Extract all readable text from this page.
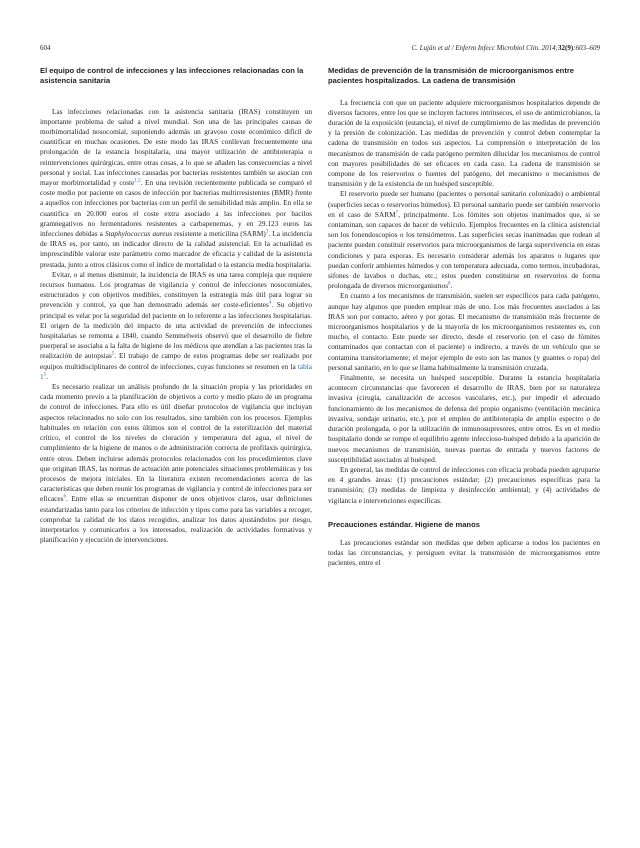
604	C. Luján et al / Enferm Infecc Microbiol Clin. 2014;32(9):603–609
El equipo de control de infecciones y las infecciones relacionadas con la asistencia sanitaria

Las infecciones relacionadas con la asistencia sanitaria (IRAS) constituyen un importante problema de salud a nivel mundial. Son una de las principales causas de morbimortalidad nosocomial, suponiendo además un gravoso coste económico difícil de cuantificar en muchas ocasiones. De este modo las IRAS conllevan frecuentemente una prolongación de la estancia hospitalaria, una mayor utilización de antibioterapia o reintervenciones quirúrgicas, entre otras cosas, a lo que se añaden las consecuencias a nivel personal y social. Las infecciones causadas por bacterias resistentes también se asocian con mayor morbimortalidad y coste$^{1,2}$. En una revisión recientemente publicada se comparó el coste medio por paciente en casos de infección por bacterias multirresistentes (BMR) frente a aquellos con infecciones por bacterias con un perfil de sensibilidad más amplio. En ella se cuantifica en 20.000 euros el coste extra asociado a las infecciones por bacilos gramnegativos no fermentadores resistentes a carbapenemas, y en 29.123 euros las infecciones debidas a Staphylococcus aureus resistente a meticilina (SARM)$^3$. La incidencia de IRAS es, por tanto, un indicador directo de la calidad asistencial. En la actualidad es imprescindible valorar este parámetro como marcador de eficacia y calidad de la asistencia prestada, junto a otros clásicos como el índice de mortalidad o la estancia media hospitalaria.

Evitar, o al menos disminuir, la incidencia de IRAS es una tarea compleja que requiere recursos humanos. Los programas de vigilancia y control de infecciones nosocomiales, estructurados y con objetivos medibles, constituyen la estrategia más útil para lograr su prevención y control, ya que han demostrado además ser coste-eficientes$^4$. Su objetivo principal es velar por la seguridad del paciente en lo referente a las infecciones hospitalarias. El origen de la medición del impacto de una actividad de prevención de infecciones hospitalarias se remonta a 1840, cuando Semmelweis observó que el desarrollo de fiebre puerperal se asociaba a la falta de higiene de los médicos que atendían a las pacientes tras la realización de autopsias$^5$. El trabajo de campo de estos programas debe ser realizado por equipos multidisciplinares de control de infecciones, cuyas funciones se resumen en la tabla $1^5$.

Es necesario realizar un análisis profundo de la situación propia y las prioridades en cada momento previo a la planificación de objetivos a corto y medio plazo de un programa de control de infecciones. Para ello es útil diseñar protocolos de vigilancia que incluyan aspectos relacionados no solo con los resultados, sino también con los procesos. Ejemplos habituales en relación con estos últimos son el control de la esterilización del material crítico, el control de los niveles de cloración y temperatura del agua, el nivel de cumplimiento de la higiene de manos o de administración correcta de profilaxis quirúrgica, entre otros. Deben incluirse además protocolos relacionados con los procedimientos clave que originan IRAS, las normas de actuación ante potenciales situaciones problemáticas y los procesos de mejora iniciales. En la literatura existen recomendaciones acerca de las características que deben reunir los programas de vigilancia y control de infecciones para ser eficaces$^6$. Entre ellas se encuentran disponer de unos objetivos claros, usar definiciones estandarizadas tanto para los criterios de infección y tipos como para las variables a recoger, comprobar la calidad de los datos recogidos, analizar los datos ajustándolos por riesgo, interpretarlos y comunicarlos a los interesados, realización de actividades formativas y planificación y ejecución de intervenciones.

Medidas de prevención de la transmisión de microorganismos entre pacientes hospitalizados. La cadena de transmisión

La frecuencia con que un paciente adquiere microorganismos hospitalarios depende de diversos factores, entre los que se incluyen factores intrínsecos, el uso de antimicrobianos, la duración de la exposición (estancia), el nivel de cumplimiento de las medidas de prevención y la presión de colonización. Las medidas de prevención y control deben contemplar la cadena de transmisión en todos sus aspectos. La comprensión e interpretación de los mecanismos de transmisión de cada patógeno permiten dilucidar los mecanismos de control con mayores posibilidades de ser eficaces en cada caso. La cadena de transmisión se compone de los reservorios o fuentes del patógeno, del mecanismo o mecanismos de transmisión y de la existencia de un huésped susceptible.

El reservorio puede ser humano (pacientes o personal sanitario colonizado) o ambiental (superficies secas o reservorios húmedos). El personal sanitario puede ser también reservorio en el caso de SARM$^7$, principalmente. Los fómites son objetos inanimados que, si se contaminan, son capaces de hacer de vehículo. Ejemplos frecuentes en la clínica asistencial son los fonendoscopios o los tensiómetros. Las superficies secas inanimadas que rodean al paciente pueden constituir reservorios para microorganismos de larga supervivencia en estas condiciones y para esporas. Es necesario considerar además los aparatos o lugares que puedan conferir ambientes húmedos y con temperatura adecuada, como termos, incubadoras, sifones de lavabos o duchas, etc.; estos pueden constituirse en reservorios de forma prolongada de diversos microorganismos$^8$.

En cuanto a los mecanismos de transmisión, suelen ser específicos para cada patógeno, aunque hay algunos que pueden emplear más de uno. Los más frecuentes asociados a las IRAS son por contacto, aéreo y por gotas. El mecanismo de transmisión más frecuente de microorganismos hospitalarios y de la mayoría de los microorganismos resistentes es, con mucho, el contacto. Este puede ser directo, desde el reservorio (en el caso de fómites contaminados que contactan con el paciente) o indirecto, a través de un vehículo que se contamina transitoriamente; el mejor ejemplo de esto son las manos (y guantes o ropa) del personal sanitario, en lo que se llama habitualmente la transmisión cruzada.

Finalmente, se necesita un huésped susceptible. Durante la estancia hospitalaria acontecen circunstancias que favorecen el desarrollo de IRAS, bien por su naturaleza invasiva (cirugía, canalización de accesos vasculares, etc.), por impedir el adecuado funcionamiento de los mecanismos de defensa del propio organismo (ventilación mecánica invasiva, sondaje urinario, etc.), por el empleo de antibioterapia de amplio espectro o de duración prolongada, o por la utilización de inmunosupresores, entre otros. Es en el medio hospitalario donde se rompe el equilibrio agente infeccioso-huésped debido a la aparición de nuevos mecanismos de transmisión, nuevas puertas de entrada y nuevos factores de susceptibilidad asociados al huésped.

En general, las medidas de control de infecciones con eficacia probada pueden agruparse en 4 grandes áreas: (1) precauciones estándar; (2) precauciones específicas para la transmisión; (3) medidas de limpieza y desinfección ambiental; y (4) actividades de vigilancia e intervenciones específicas.

Precauciones estándar. Higiene de manos

Las precauciones estándar son medidas que deben aplicarse a todos los pacientes en todas las circunstancias, y persiguen evitar la transmisión de microorganismos entre pacientes, entre el
